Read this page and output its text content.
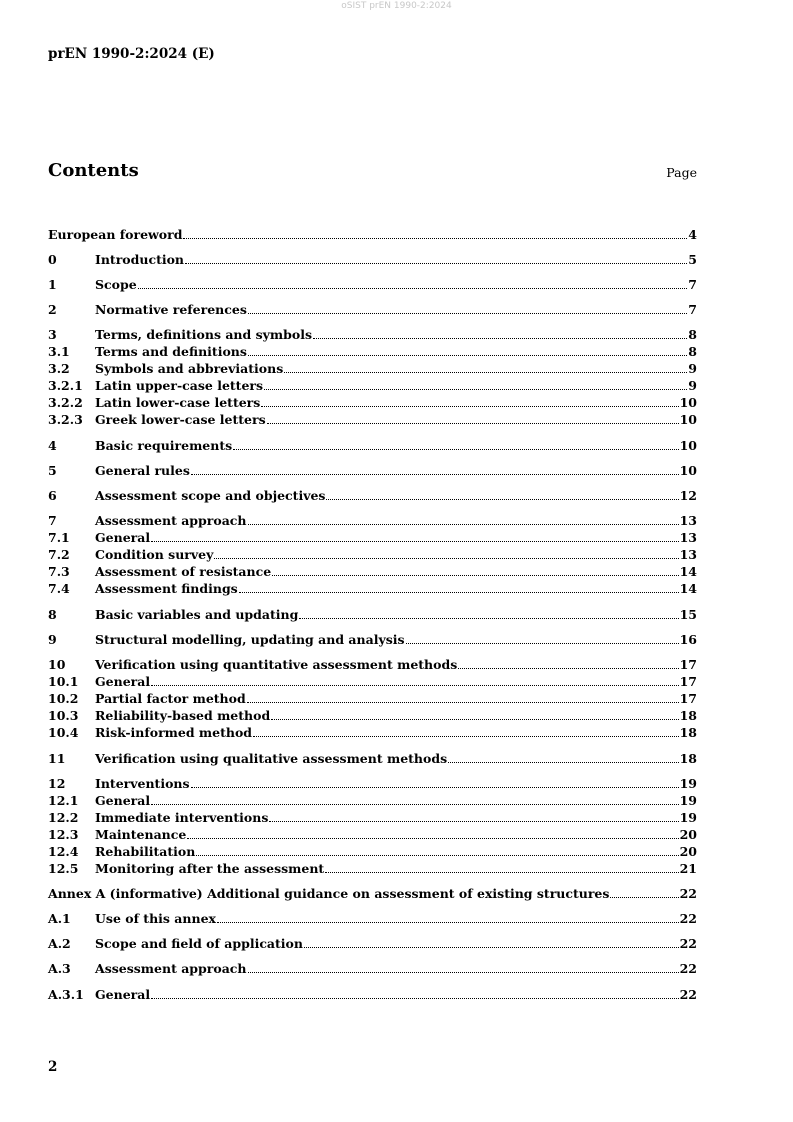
oSIST prEN 1990-2:2024
prEN 1990-2:2024 (E)
Contents	Page
European foreword	4
0	Introduction	5
1	Scope	7
2	Normative references	7
3	Terms, definitions and symbols	8
3.1	Terms and definitions	8
3.2	Symbols and abbreviations	9
3.2.1 Latin upper-case letters	9
3.2.2 Latin lower-case letters	10
3.2.3 Greek lower-case letters	10
4	Basic requirements	10
5	General rules	10
6	Assessment scope and objectives	12
7	Assessment approach	13
7.1	General	13
7.2	Condition survey	13
7.3	Assessment of resistance	14
7.4	Assessment findings	14
8	Basic variables and updating	15
9	Structural modelling, updating and analysis	16
10	Verification using quantitative assessment methods	17
10.1	General	17
10.2	Partial factor method	17
10.3	Reliability-based method	18
10.4	Risk-informed method	18
11	Verification using qualitative assessment methods	18
12	Interventions	19
12.1	General	19
12.2	Immediate interventions	19
12.3	Maintenance	20
12.4	Rehabilitation	20
12.5	Monitoring after the assessment	21
Annex A (informative) Additional guidance on assessment of existing structures	22
A.1	Use of this annex	22
A.2	Scope and field of application	22
A.3	Assessment approach	22
A.3.1 General	22
2
